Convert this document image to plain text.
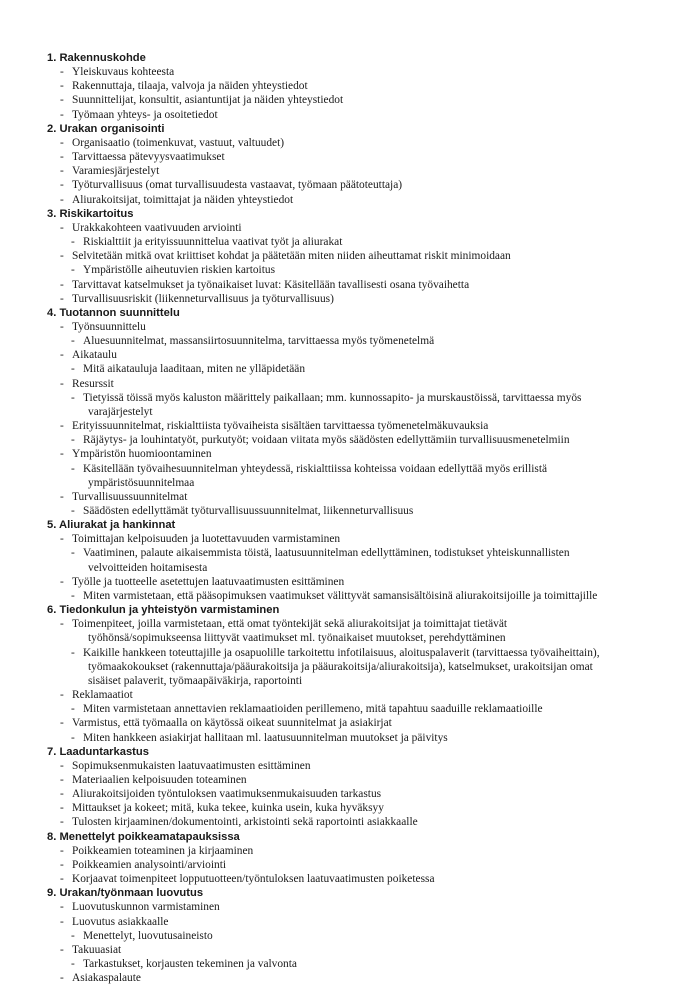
1. Rakennuskohde
- Yleiskuvaus kohteesta
- Rakennuttaja, tilaaja, valvoja ja näiden yhteystiedot
- Suunnittelijat, konsultit, asiantuntijat ja näiden yhteystiedot
- Työmaan yhteys- ja osoitetiedot
2. Urakan organisointi
- Organisaatio (toimenkuvat, vastuut, valtuudet)
- Tarvittaessa pätevyysvaatimukset
- Varamiesjärjestelyt
- Työturvallisuus (omat turvallisuudesta vastaavat, työmaan päätoteuttaja)
- Aliurakoitsijat, toimittajat ja näiden yhteystiedot
3. Riskikartoitus
- Urakkakohteen vaativuuden arviointi
- Riskialttiit ja erityissuunnittelua vaativat työt ja aliurakat
- Selvitetään mitkä ovat kriittiset kohdat ja päätetään miten niiden aiheuttamat riskit minimoidaan
- Ympäristölle aiheutuvien riskien kartoitus
- Tarvittavat katselmukset ja työnaikaiset luvat: Käsitellään tavallisesti osana työvaihetta
- Turvallisuusriskit (liikenneturvallisuus ja työturvallisuus)
4. Tuotannon suunnittelu
- Työnsuunnittelu
- Aluesuunnitelmat, massansiirtosuunnitelma, tarvittaessa myös työmenetelmä
- Aikataulu
- Mitä aikatauluja laaditaan, miten ne ylläpidetään
- Resurssit
- Tietyissä töissä myös kaluston määrittely paikallaan; mm. kunnossapito- ja murskaustöissä, tarvittaessa myös
varajärjestelyt
- Erityissuunnitelmat, riskialttiista työvaiheista sisältäen tarvittaessa työmenetelmäkuvauksia
- Räjäytys- ja louhintatyöt, purkutyöt; voidaan viitata myös säädösten edellyttämiin turvallisuusmenetelmiin
- Ympäristön huomioontaminen
- Käsitellään työvaihesuunnitelman yhteydessä, riskialttiissa kohteissa voidaan edellyttää myös erillistä
ympäristösuunnitelmaa
- Turvallisuussuunnitelmat
- Säädösten edellyttämät työturvallisuussuunnitelmat, liikenneturvallisuus
5. Aliurakat ja hankinnat
- Toimittajan kelpoisuuden ja luotettavuuden varmistaminen
- Vaatiminen, palaute aikaisemmista töistä, laatusuunnitelman edellyttäminen, todistukset yhteiskunnallisten
velvoitteiden hoitamisesta
- Työlle ja tuotteelle asetettujen laatuvaatimusten esittäminen
- Miten varmistetaan, että pääsopimuksen vaatimukset välittyvät samansisältöisinä aliurakoitsijoille ja toimittajille
6. Tiedonkulun ja yhteistyön varmistaminen
- Toimenpiteet, joilla varmistetaan, että omat työntekijät sekä aliurakoitsijat ja toimittajat tietävät
työhönsä/sopimukseensa liittyvät vaatimukset ml. työnaikaiset muutokset, perehdyttäminen
- Kaikille hankkeen toteuttajille ja osapuolille tarkoitettu infotilaisuus, aloituspalaverit (tarvittaessa työvaiheittain),
työmaakokoukset (rakennuttaja/pääurakoitsija ja pääurakoitsija/aliurakoitsija), katselmukset, urakoitsijan omat
sisäiset palaverit, työmaapäiväkirja, raportointi
- Reklamaatiot
- Miten varmistetaan annettavien reklamaatioiden perillemeno, mitä tapahtuu saaduille reklamaatioille
- Varmistus, että työmaalla on käytössä oikeat suunnitelmat ja asiakirjat
- Miten hankkeen asiakirjat hallitaan ml. laatusuunnitelman muutokset ja päivitys
7. Laaduntarkastus
- Sopimuksenmukaisten laatuvaatimusten esittäminen
- Materiaalien kelpoisuuden toteaminen
- Aliurakoitsijoiden työntuloksen vaatimuksenmukaisuuden tarkastus
- Mittaukset ja kokeet; mitä, kuka tekee, kuinka usein, kuka hyväksyy
- Tulosten kirjaaminen/dokumentointi, arkistointi sekä raportointi asiakkaalle
8. Menettelyt poikkeamatapauksissa
- Poikkeamien toteaminen ja kirjaaminen
- Poikkeamien analysointi/arviointi
- Korjaavat toimenpiteet lopputuotteen/työntuloksen laatuvaatimusten poiketessa
9. Urakan/työnmaan luovutus
- Luovutuskunnon varmistaminen
- Luovutus asiakkaalle
- Menettelyt, luovutusaineisto
- Takuuasiat
- Tarkastukset, korjausten tekeminen ja valvonta
- Asiakaspalaute
